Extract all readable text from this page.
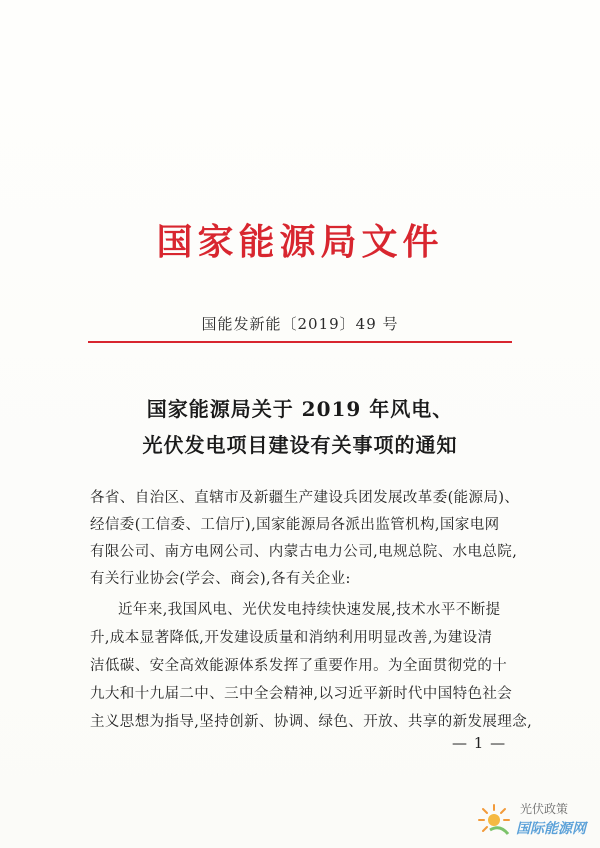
国家能源局文件
国能发新能〔2019〕49 号
国家能源局关于 2019 年风电、
光伏发电项目建设有关事项的通知
各省、自治区、直辖市及新疆生产建设兵团发展改革委(能源局)、
经信委(工信委、工信厅),国家能源局各派出监管机构,国家电网
有限公司、南方电网公司、内蒙古电力公司,电规总院、水电总院,
有关行业协会(学会、商会),各有关企业:
近年来,我国风电、光伏发电持续快速发展,技术水平不断提
升,成本显著降低,开发建设质量和消纳利用明显改善,为建设清
洁低碳、安全高效能源体系发挥了重要作用。为全面贯彻党的十
九大和十九届二中、三中全会精神,以习近平新时代中国特色社会
主义思想为指导,坚持创新、协调、绿色、开放、共享的新发展理念,
— 1 —
光伏政策
国际能源网
